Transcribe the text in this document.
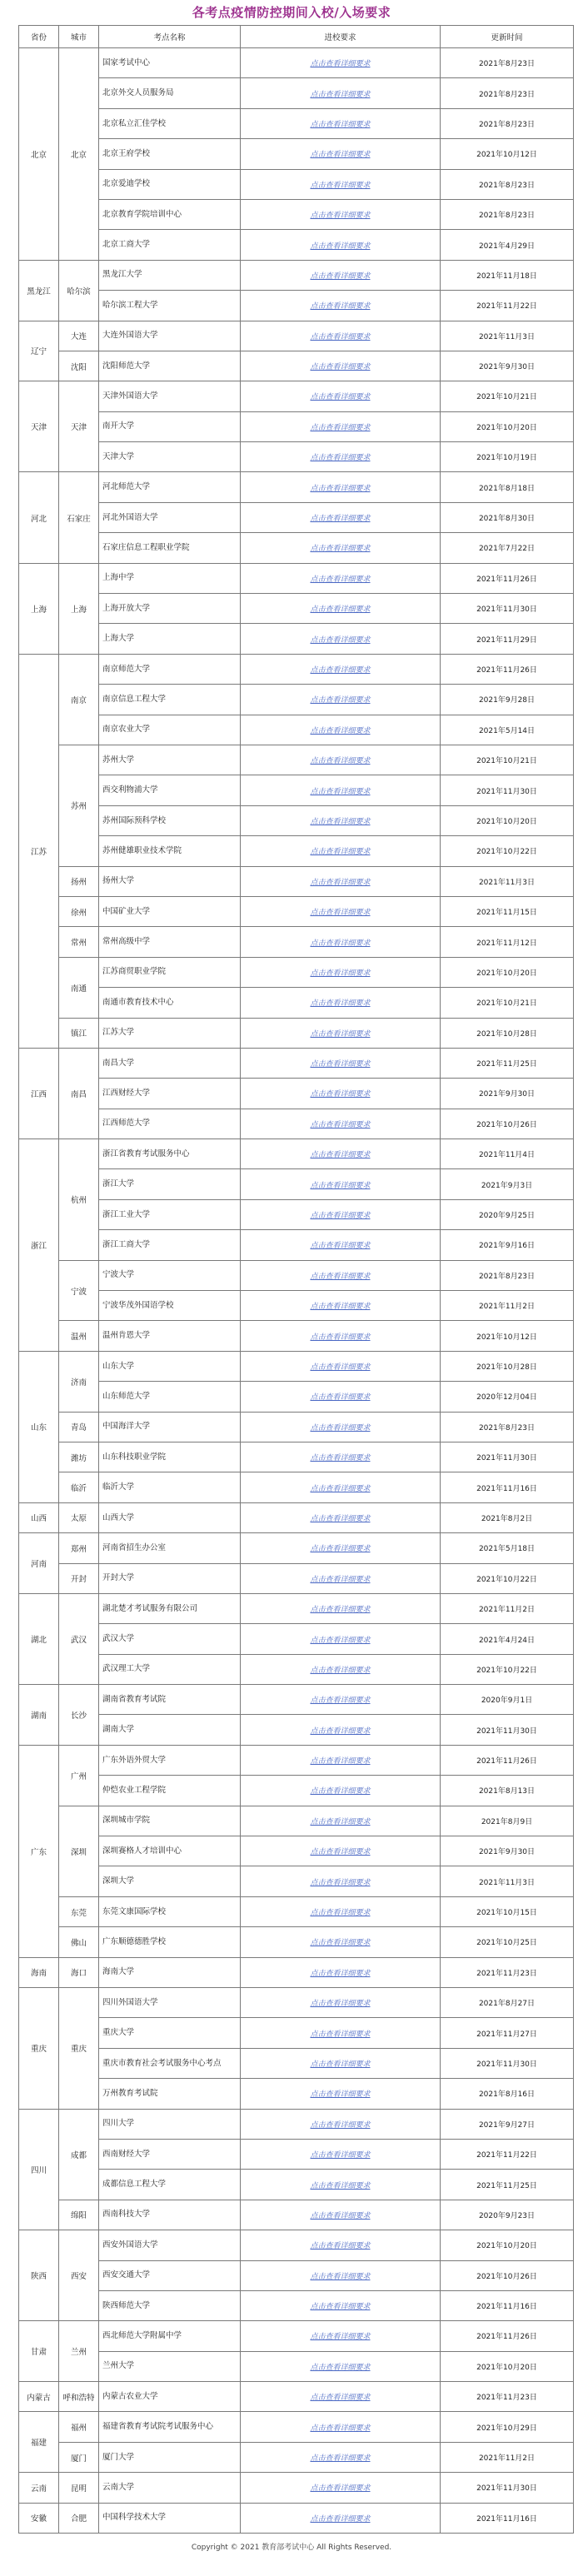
各考点疫情防控期间入校/入场要求
省份	城市	考点名称	进校要求	更新时间
北京	北京	国家考试中心	点击查看详细要求	2021年8月23日
		北京外交人员服务局	点击查看详细要求	2021年8月23日
		北京私立汇佳学校	点击查看详细要求	2021年8月23日
		北京王府学校	点击查看详细要求	2021年10月12日
		北京爱迪学校	点击查看详细要求	2021年8月23日
		北京教育学院培训中心	点击查看详细要求	2021年8月23日
		北京工商大学	点击查看详细要求	2021年4月29日
黑龙江	哈尔滨	黑龙江大学	点击查看详细要求	2021年11月18日
		哈尔滨工程大学	点击查看详细要求	2021年11月22日
辽宁	大连	大连外国语大学	点击查看详细要求	2021年11月3日
	沈阳	沈阳师范大学	点击查看详细要求	2021年9月30日
天津	天津	天津外国语大学	点击查看详细要求	2021年10月21日
		南开大学	点击查看详细要求	2021年10月20日
		天津大学	点击查看详细要求	2021年10月19日
河北	石家庄	河北师范大学	点击查看详细要求	2021年8月18日
		河北外国语大学	点击查看详细要求	2021年8月30日
		石家庄信息工程职业学院	点击查看详细要求	2021年7月22日
上海	上海	上海中学	点击查看详细要求	2021年11月26日
		上海开放大学	点击查看详细要求	2021年11月30日
		上海大学	点击查看详细要求	2021年11月29日
江苏	南京	南京师范大学	点击查看详细要求	2021年11月26日
		南京信息工程大学	点击查看详细要求	2021年9月28日
		南京农业大学	点击查看详细要求	2021年5月14日
	苏州	苏州大学	点击查看详细要求	2021年10月21日
		西交利物浦大学	点击查看详细要求	2021年11月30日
		苏州国际预科学校	点击查看详细要求	2021年10月20日
		苏州健雄职业技术学院	点击查看详细要求	2021年10月22日
	扬州	扬州大学	点击查看详细要求	2021年11月3日
	徐州	中国矿业大学	点击查看详细要求	2021年11月15日
	常州	常州高级中学	点击查看详细要求	2021年11月12日
	南通	江苏商贸职业学院	点击查看详细要求	2021年10月20日
		南通市教育技术中心	点击查看详细要求	2021年10月21日
	镇江	江苏大学	点击查看详细要求	2021年10月28日
江西	南昌	南昌大学	点击查看详细要求	2021年11月25日
		江西财经大学	点击查看详细要求	2021年9月30日
		江西师范大学	点击查看详细要求	2021年10月26日
浙江	杭州	浙江省教育考试服务中心	点击查看详细要求	2021年11月4日
		浙江大学	点击查看详细要求	2021年9月3日
		浙江工业大学	点击查看详细要求	2020年9月25日
		浙江工商大学	点击查看详细要求	2021年9月16日
	宁波	宁波大学	点击查看详细要求	2021年8月23日
		宁波华茂外国语学校	点击查看详细要求	2021年11月2日
	温州	温州肯恩大学	点击查看详细要求	2021年10月12日
山东	济南	山东大学	点击查看详细要求	2021年10月28日
		山东师范大学	点击查看详细要求	2020年12月04日
	青岛	中国海洋大学	点击查看详细要求	2021年8月23日
	潍坊	山东科技职业学院	点击查看详细要求	2021年11月30日
	临沂	临沂大学	点击查看详细要求	2021年11月16日
山西	太原	山西大学	点击查看详细要求	2021年8月2日
河南	郑州	河南省招生办公室	点击查看详细要求	2021年5月18日
	开封	开封大学	点击查看详细要求	2021年10月22日
湖北	武汉	湖北楚才考试服务有限公司	点击查看详细要求	2021年11月2日
		武汉大学	点击查看详细要求	2021年4月24日
		武汉理工大学	点击查看详细要求	2021年10月22日
湖南	长沙	湖南省教育考试院	点击查看详细要求	2020年9月1日
		湖南大学	点击查看详细要求	2021年11月30日
广东	广州	广东外语外贸大学	点击查看详细要求	2021年11月26日
		仲恺农业工程学院	点击查看详细要求	2021年8月13日
	深圳	深圳城市学院	点击查看详细要求	2021年8月9日
		深圳赛格人才培训中心	点击查看详细要求	2021年9月30日
		深圳大学	点击查看详细要求	2021年11月3日
	东莞	东莞文康国际学校	点击查看详细要求	2021年10月15日
	佛山	广东顺德德胜学校	点击查看详细要求	2021年10月25日
海南	海口	海南大学	点击查看详细要求	2021年11月23日
重庆	重庆	四川外国语大学	点击查看详细要求	2021年8月27日
		重庆大学	点击查看详细要求	2021年11月27日
		重庆市教育社会考试服务中心考点	点击查看详细要求	2021年11月30日
		万州教育考试院	点击查看详细要求	2021年8月16日
四川	成都	四川大学	点击查看详细要求	2021年9月27日
		西南财经大学	点击查看详细要求	2021年11月22日
		成都信息工程大学	点击查看详细要求	2021年11月25日
	绵阳	西南科技大学	点击查看详细要求	2020年9月23日
陕西	西安	西安外国语大学	点击查看详细要求	2021年10月20日
		西安交通大学	点击查看详细要求	2021年10月26日
		陕西师范大学	点击查看详细要求	2021年11月16日
甘肃	兰州	西北师范大学附属中学	点击查看详细要求	2021年11月26日
		兰州大学	点击查看详细要求	2021年10月20日
内蒙古	呼和浩特	内蒙古农业大学	点击查看详细要求	2021年11月23日
福建	福州	福建省教育考试院考试服务中心	点击查看详细要求	2021年10月29日
	厦门	厦门大学	点击查看详细要求	2021年11月2日
云南	昆明	云南大学	点击查看详细要求	2021年11月30日
安徽	合肥	中国科学技术大学	点击查看详细要求	2021年11月16日
Copyright © 2021 教育部考试中心 All Rights Reserved.
